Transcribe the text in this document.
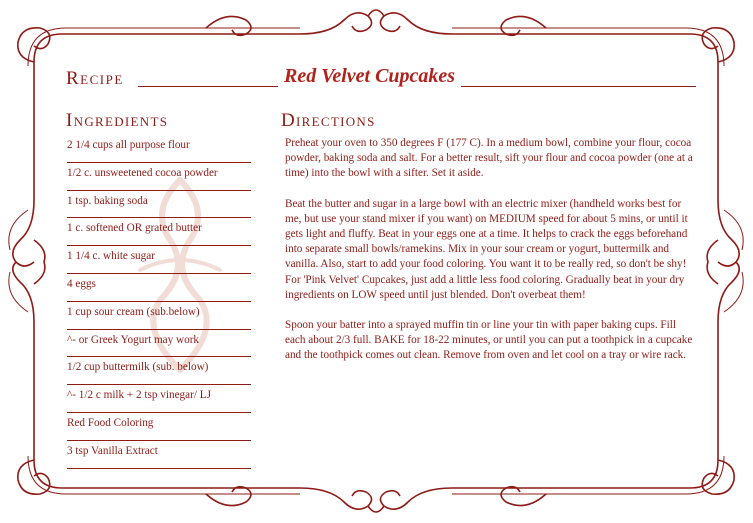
Recipe	Red Velvet Cupcakes
Ingredients	Directions
2 1/4 cups all purpose flour
1/2 c. unsweetened cocoa powder
1 tsp. baking soda
1 c. softened OR grated butter
1 1/4 c. white sugar
4 eggs
1 cup sour cream (sub.below)
^- or Greek Yogurt may work
1/2 cup buttermilk (sub. below)
^- 1/2 c milk + 2 tsp vinegar/ LJ
Red Food Coloring
3 tsp Vanilla Extract

Preheat your oven to 350 degrees F (177 C). In a medium bowl, combine your flour, cocoa powder, baking soda and salt. For a better result, sift your flour and cocoa powder (one at a time) into the bowl with a sifter. Set it aside.

Beat the butter and sugar in a large bowl with an electric mixer (handheld works best for me, but use your stand mixer if you want) on MEDIUM speed for about 5 mins, or until it gets light and fluffy. Beat in your eggs one at a time. It helps to crack the eggs beforehand into separate small bowls/ramekins. Mix in your sour cream or yogurt, buttermilk and vanilla. Also, start to add your food coloring. You want it to be really red, so don't be shy! For 'Pink Velvet' Cupcakes, just add a little less food coloring. Gradually beat in your dry ingredients on LOW speed until just blended. Don't overbeat them!

Spoon your batter into a sprayed muffin tin or line your tin with paper baking cups. Fill each about 2/3 full. BAKE for 18-22 minutes, or until you can put a toothpick in a cupcake and the toothpick comes out clean. Remove from oven and let cool on a tray or wire rack.
